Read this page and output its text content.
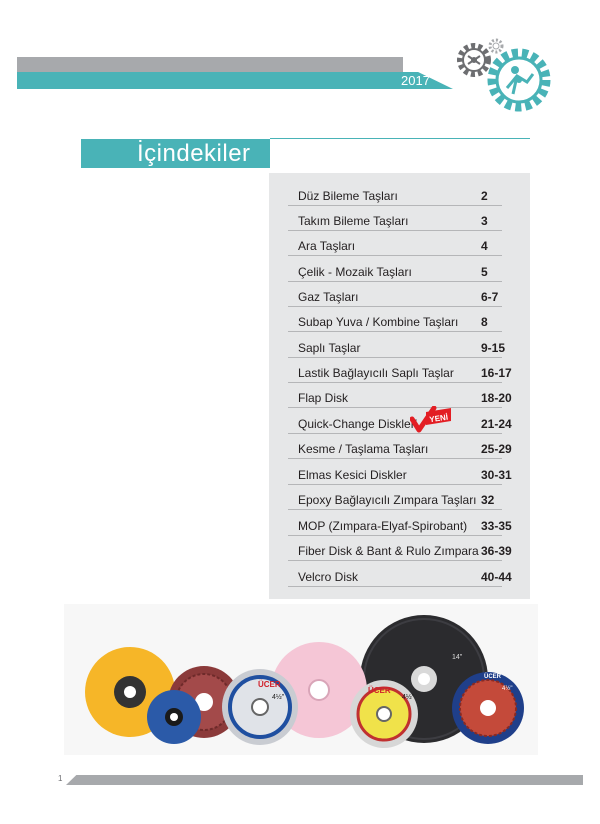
2017
İçindekiler
Düz Bileme Taşları	2
Takım Bileme Taşları	3
Ara Taşları	4
Çelik - Mozaik Taşları	5
Gaz Taşları	6-7
Subap Yuva / Kombine Taşları 8
Saplı Taşlar	9-15
Lastik Bağlayıcılı Saplı Taşlar 16-17
Flap Disk	18-20
Quick-Change Diskleri YENİ	21-24
Kesme / Taşlama Taşları	25-29
Elmas Kesici Diskler	30-31
Epoxy Bağlayıcılı Zımpara Taşları 32
MOP (Zımpara-Elyaf-Spirobant) 33-35
Fiber Disk & Bant & Rulo Zımpara 36-39
Velcro Disk	40-44
ÜCER
4½"
ÜCER
4½"
14"
ÜCER
4½"
1
